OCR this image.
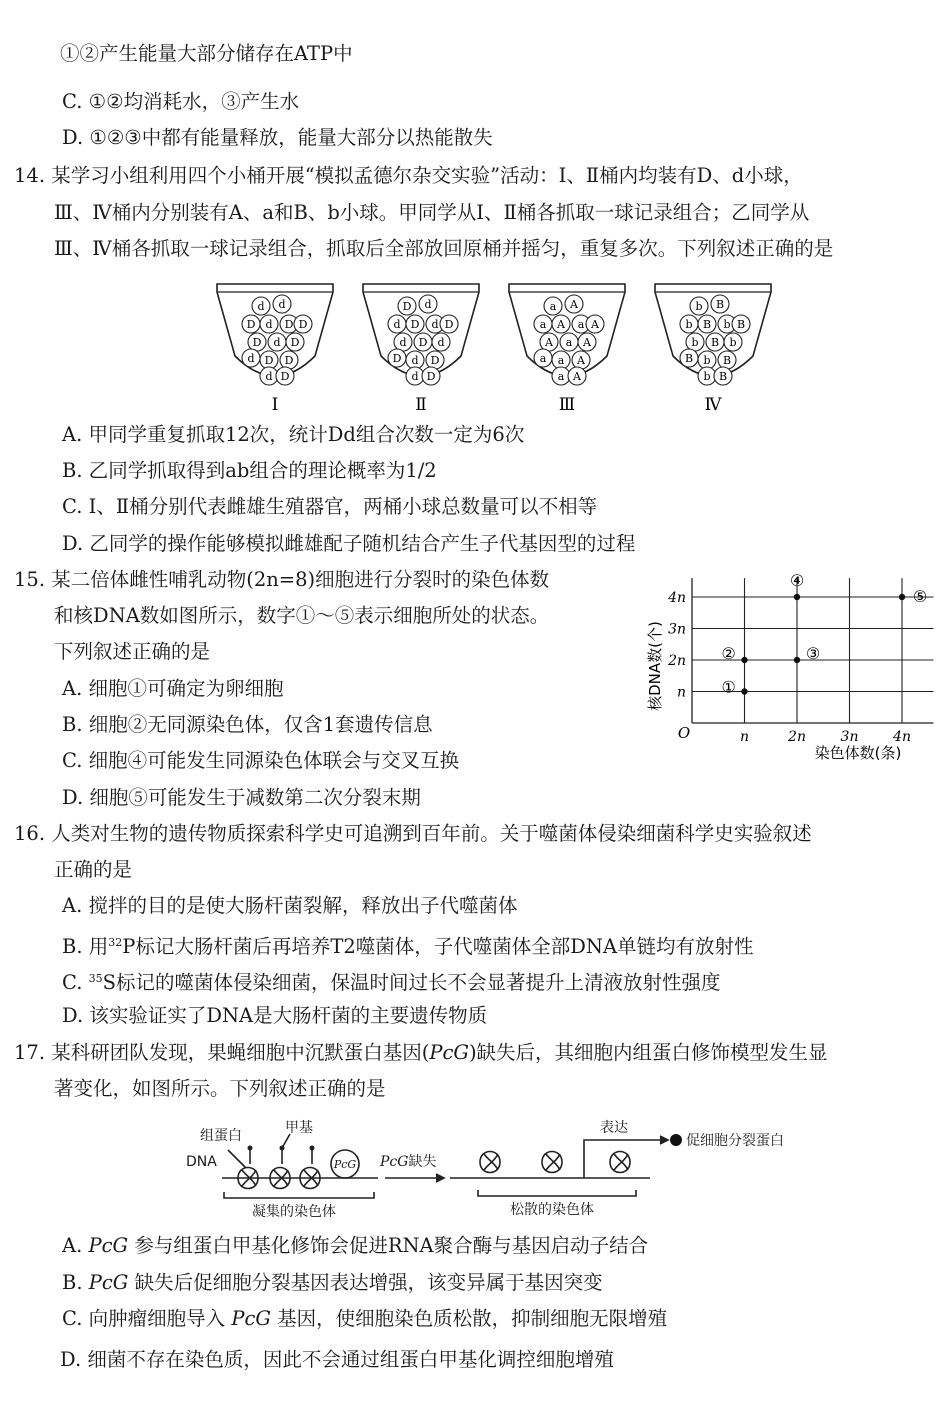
①②产生能量大部分储存在ATP中
C. ①②均消耗水，③产生水
D. ①②③中都有能量释放，能量大部分以热能散失
14. 某学习小组利用四个小桶开展“模拟孟德尔杂交实验”活动：Ⅰ、Ⅱ桶内均装有D、d小球，
Ⅲ、Ⅳ桶内分别装有A、a和B、b小球。甲同学从Ⅰ、Ⅱ桶各抓取一球记录组合；乙同学从
Ⅲ、Ⅳ桶各抓取一球记录组合，抓取后全部放回原桶并摇匀，重复多次。下列叙述正确的是
d d
D d D D
D d D
d D D
d D
Ⅰ
D d
d D d D
d D d
D d D
d D
Ⅱ
a A
a A a A
A a A
a a A
a A
Ⅲ
b B
b B b B
b B b
B b B
b B
Ⅳ
A. 甲同学重复抓取12次，统计Dd组合次数一定为6次
B. 乙同学抓取得到ab组合的理论概率为1/2
C. Ⅰ、Ⅱ桶分别代表雌雄生殖器官，两桶小球总数量可以不相等
D. 乙同学的操作能够模拟雌雄配子随机结合产生子代基因型的过程
15. 某二倍体雌性哺乳动物(2n=8)细胞进行分裂时的染色体数
和核DNA数如图所示，数字①～⑤表示细胞所处的状态。
下列叙述正确的是
A. 细胞①可确定为卵细胞
B. 细胞②无同源染色体，仅含1套遗传信息
C. 细胞④可能发生同源染色体联会与交叉互换
D. 细胞⑤可能发生于减数第二次分裂末期
核DNA数(个)
染色体数(条)
O	n	2n 3n 4n
n
2n
3n
4n
①
②	③
④
⑤
16. 人类对生物的遗传物质探索科学史可追溯到百年前。关于噬菌体侵染细菌科学史实验叙述
正确的是
A. 搅拌的目的是使大肠杆菌裂解，释放出子代噬菌体
B. 用$^{32}$P标记大肠杆菌后再培养T2噬菌体，子代噬菌体全部DNA单链均有放射性
C. $^{35}$S标记的噬菌体侵染细菌，保温时间过长不会显著提升上清液放射性强度
D. 该实验证实了DNA是大肠杆菌的主要遗传物质
17. 某科研团队发现，果蝇细胞中沉默蛋白基因(PcG)缺失后，其细胞内组蛋白修饰模型发生显
著变化，如图所示。下列叙述正确的是
组蛋白	甲基
DNA	PcG PcG缺失
表达
促细胞分裂蛋白
凝集的染色体	松散的染色体
A. PcG 参与组蛋白甲基化修饰会促进RNA聚合酶与基因启动子结合
B. PcG 缺失后促细胞分裂基因表达增强，该变异属于基因突变
C. 向肿瘤细胞导入 PcG 基因，使细胞染色质松散，抑制细胞无限增殖
D. 细菌不存在染色质，因此不会通过组蛋白甲基化调控细胞增殖
